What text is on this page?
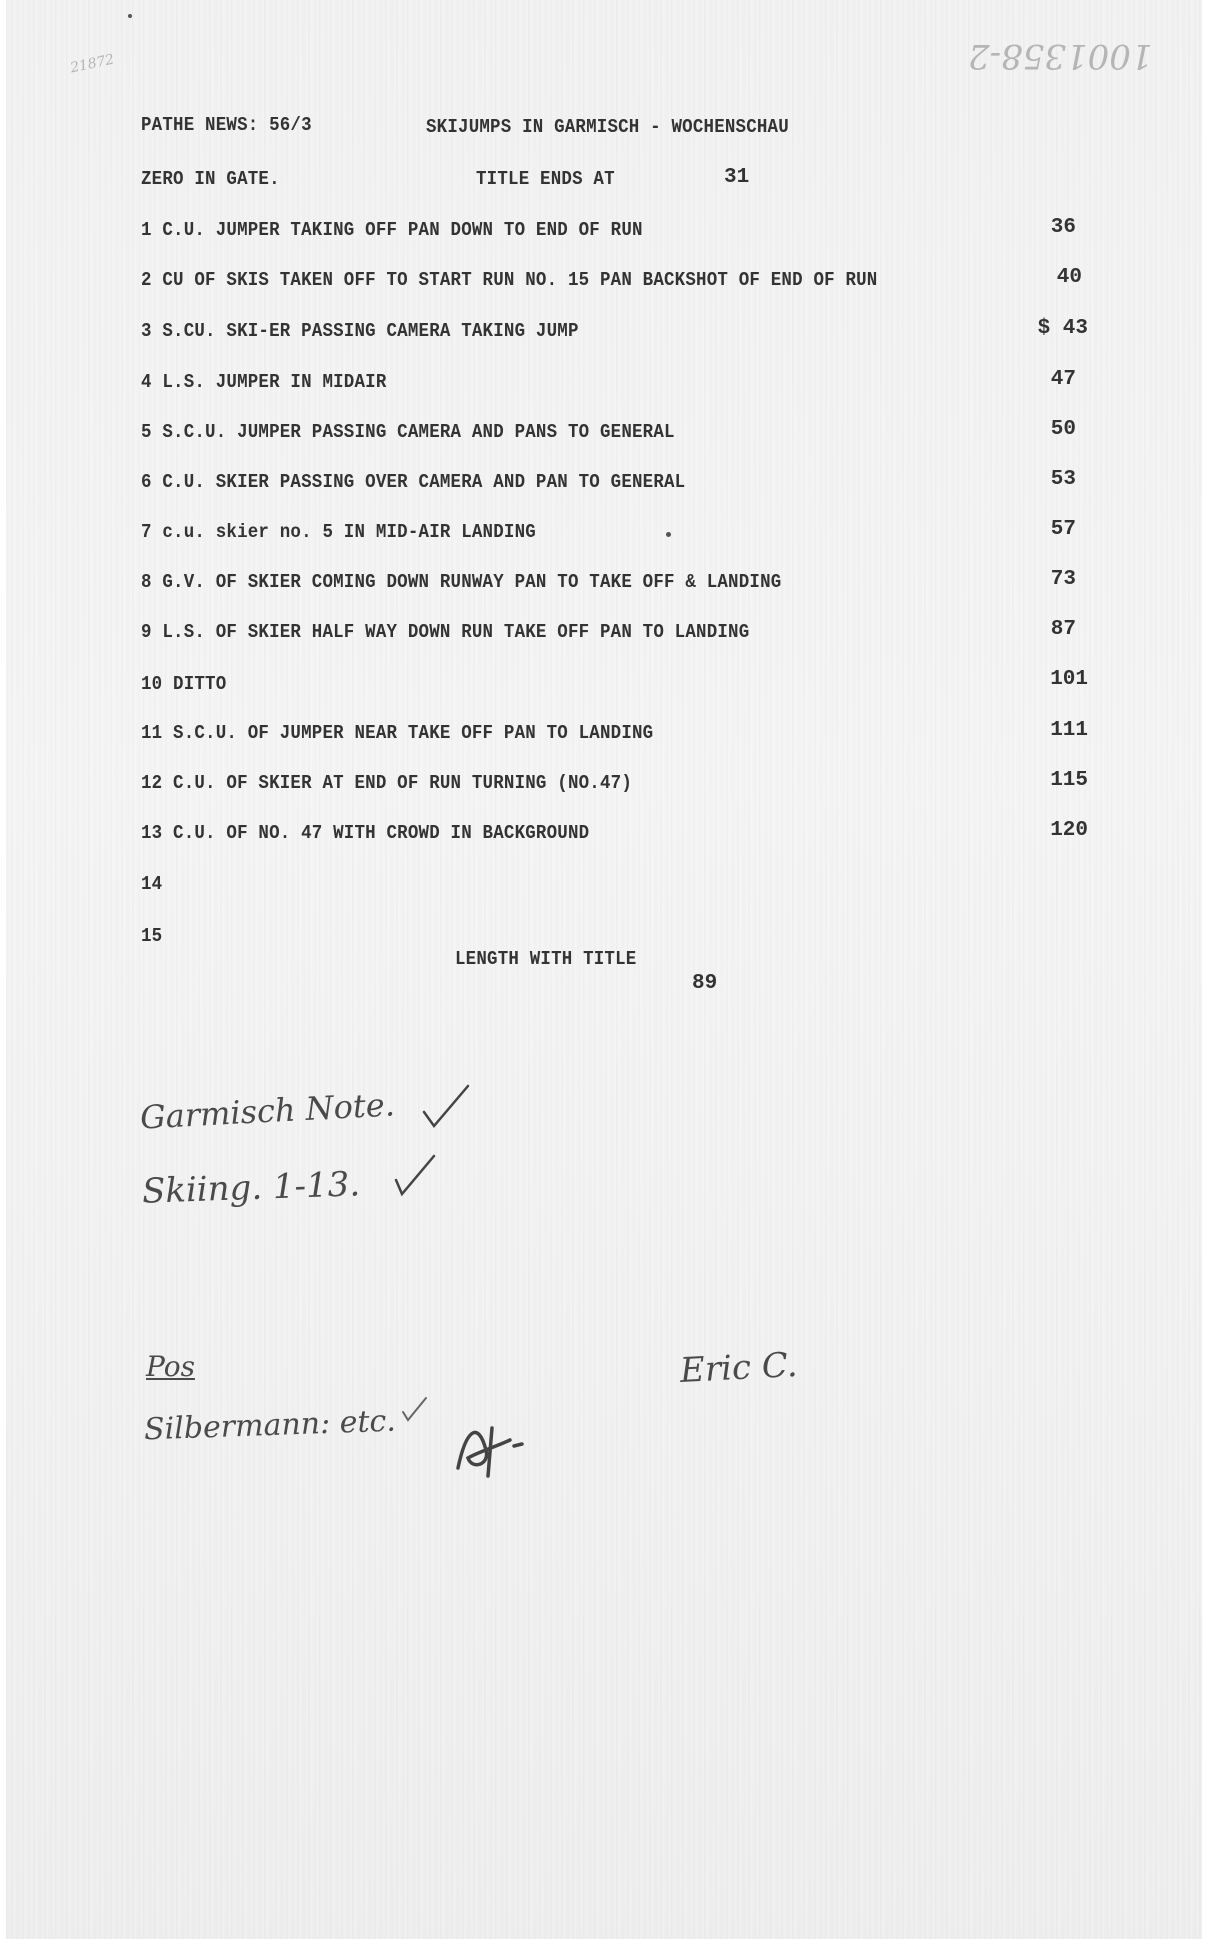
1001358-2
21872
PATHE NEWS: 56/3	SKIJUMPS IN GARMISCH - WOCHENSCHAU
ZERO IN GATE.	TITLE ENDS AT	31
1 C.U. JUMPER TAKING OFF PAN DOWN TO END OF RUN	36
2 CU OF SKIS TAKEN OFF TO START RUN NO. 15 PAN BACKSHOT OF END OF RUN	40
3 S.CU. SKI-ER PASSING CAMERA TAKING JUMP	$ 43
4 L.S. JUMPER IN MIDAIR	47
5 S.C.U. JUMPER PASSING CAMERA AND PANS TO GENERAL	50
6 C.U. SKIER PASSING OVER CAMERA AND PAN TO GENERAL	53
7 c.u. skier no. 5 IN MID-AIR LANDING	57
8 G.V. OF SKIER COMING DOWN RUNWAY PAN TO TAKE OFF & LANDING	73
9 L.S. OF SKIER HALF WAY DOWN RUN TAKE OFF PAN TO LANDING	87
10 DITTO	101
11 S.C.U. OF JUMPER NEAR TAKE OFF PAN TO LANDING	111
12 C.U. OF SKIER AT END OF RUN TURNING (NO.47)	115
13 C.U. OF NO. 47 WITH CROWD IN BACKGROUND	120
14
15
LENGTH WITH TITLE
89
Garmisch Note.
Skiing. 1-13.
Pos
Silbermann: etc.
Eric C.
